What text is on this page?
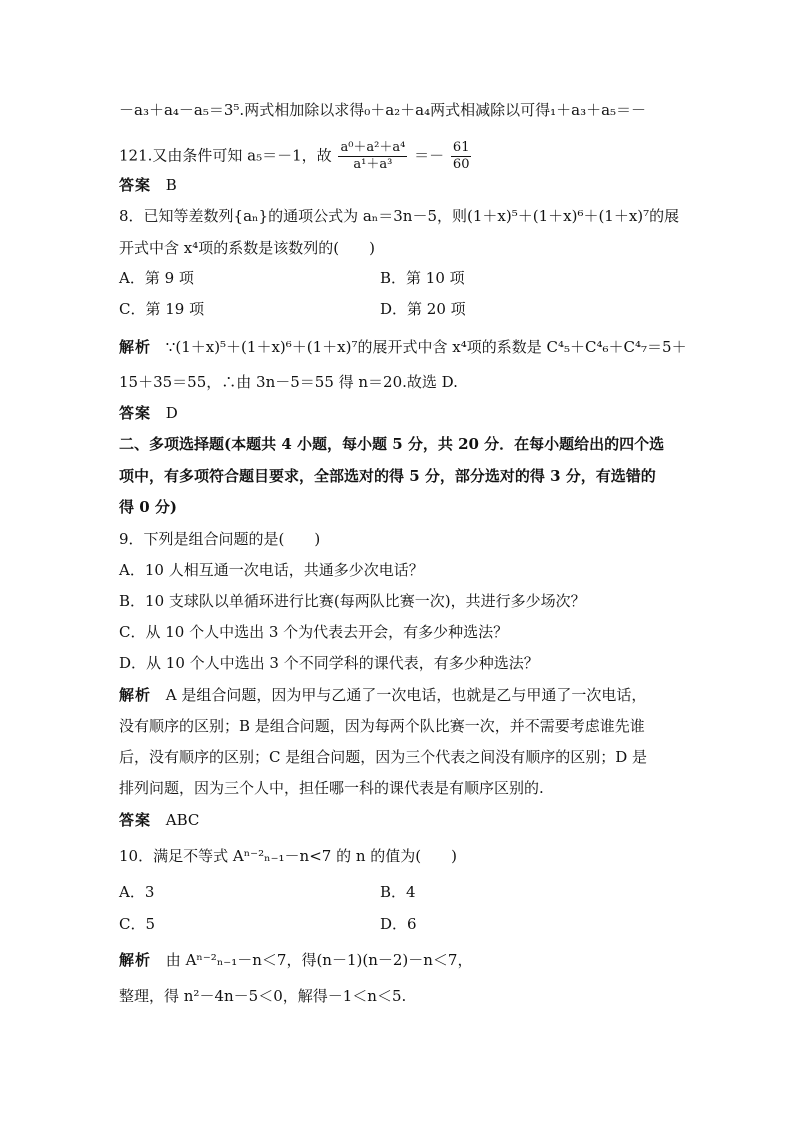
－a₃＋a₄－a₅＝3⁵.两式相加除以求得₀＋a₂＋a₄两式相减除以可得₁＋a₃＋a₅＝－
121.又由条件可知 a₅＝－1，故 $\frac{\text{a⁰＋a²＋a⁴}}{\text{a¹＋a³}} =- \frac{61}{60}$
答案 B
8．已知等差数列{aₙ}的通项公式为 aₙ＝3n－5，则(1＋x)⁵＋(1＋x)⁶＋(1＋x)⁷的展
开式中含 x⁴项的系数是该数列的(　　)
A．第 9 项	B．第 10 项
C．第 19 项	D．第 20 项
解析 ∵(1＋x)⁵＋(1＋x)⁶＋(1＋x)⁷的展开式中含 x⁴项的系数是 C⁴₅＋C⁴₆＋C⁴₇＝5＋
15＋35＝55，∴由 3n－5＝55 得 n＝20.故选 D.
答案 D
二、多项选择题(本题共 4 小题，每小题 5 分，共 20 分．在每小题给出的四个选
项中，有多项符合题目要求，全部选对的得 5 分，部分选对的得 3 分，有选错的
得 0 分)
9．下列是组合问题的是(　　)
A．10 人相互通一次电话，共通多少次电话？
B．10 支球队以单循环进行比赛(每两队比赛一次)，共进行多少场次？
C．从 10 个人中选出 3 个为代表去开会，有多少种选法？
D．从 10 个人中选出 3 个不同学科的课代表，有多少种选法？
解析 A 是组合问题，因为甲与乙通了一次电话，也就是乙与甲通了一次电话，
没有顺序的区别；B 是组合问题，因为每两个队比赛一次，并不需要考虑谁先谁
后，没有顺序的区别；C 是组合问题，因为三个代表之间没有顺序的区别；D 是
排列问题，因为三个人中，担任哪一科的课代表是有顺序区别的.
答案 ABC
10．满足不等式 Aⁿ⁻²ₙ₋₁－n<7 的 n 的值为(　　)
A．3	B．4
C．5	D．6
解析 由 Aⁿ⁻²ₙ₋₁－n＜7，得(n－1)(n－2)－n＜7，
整理，得 n²－4n－5＜0，解得－1＜n＜5.
